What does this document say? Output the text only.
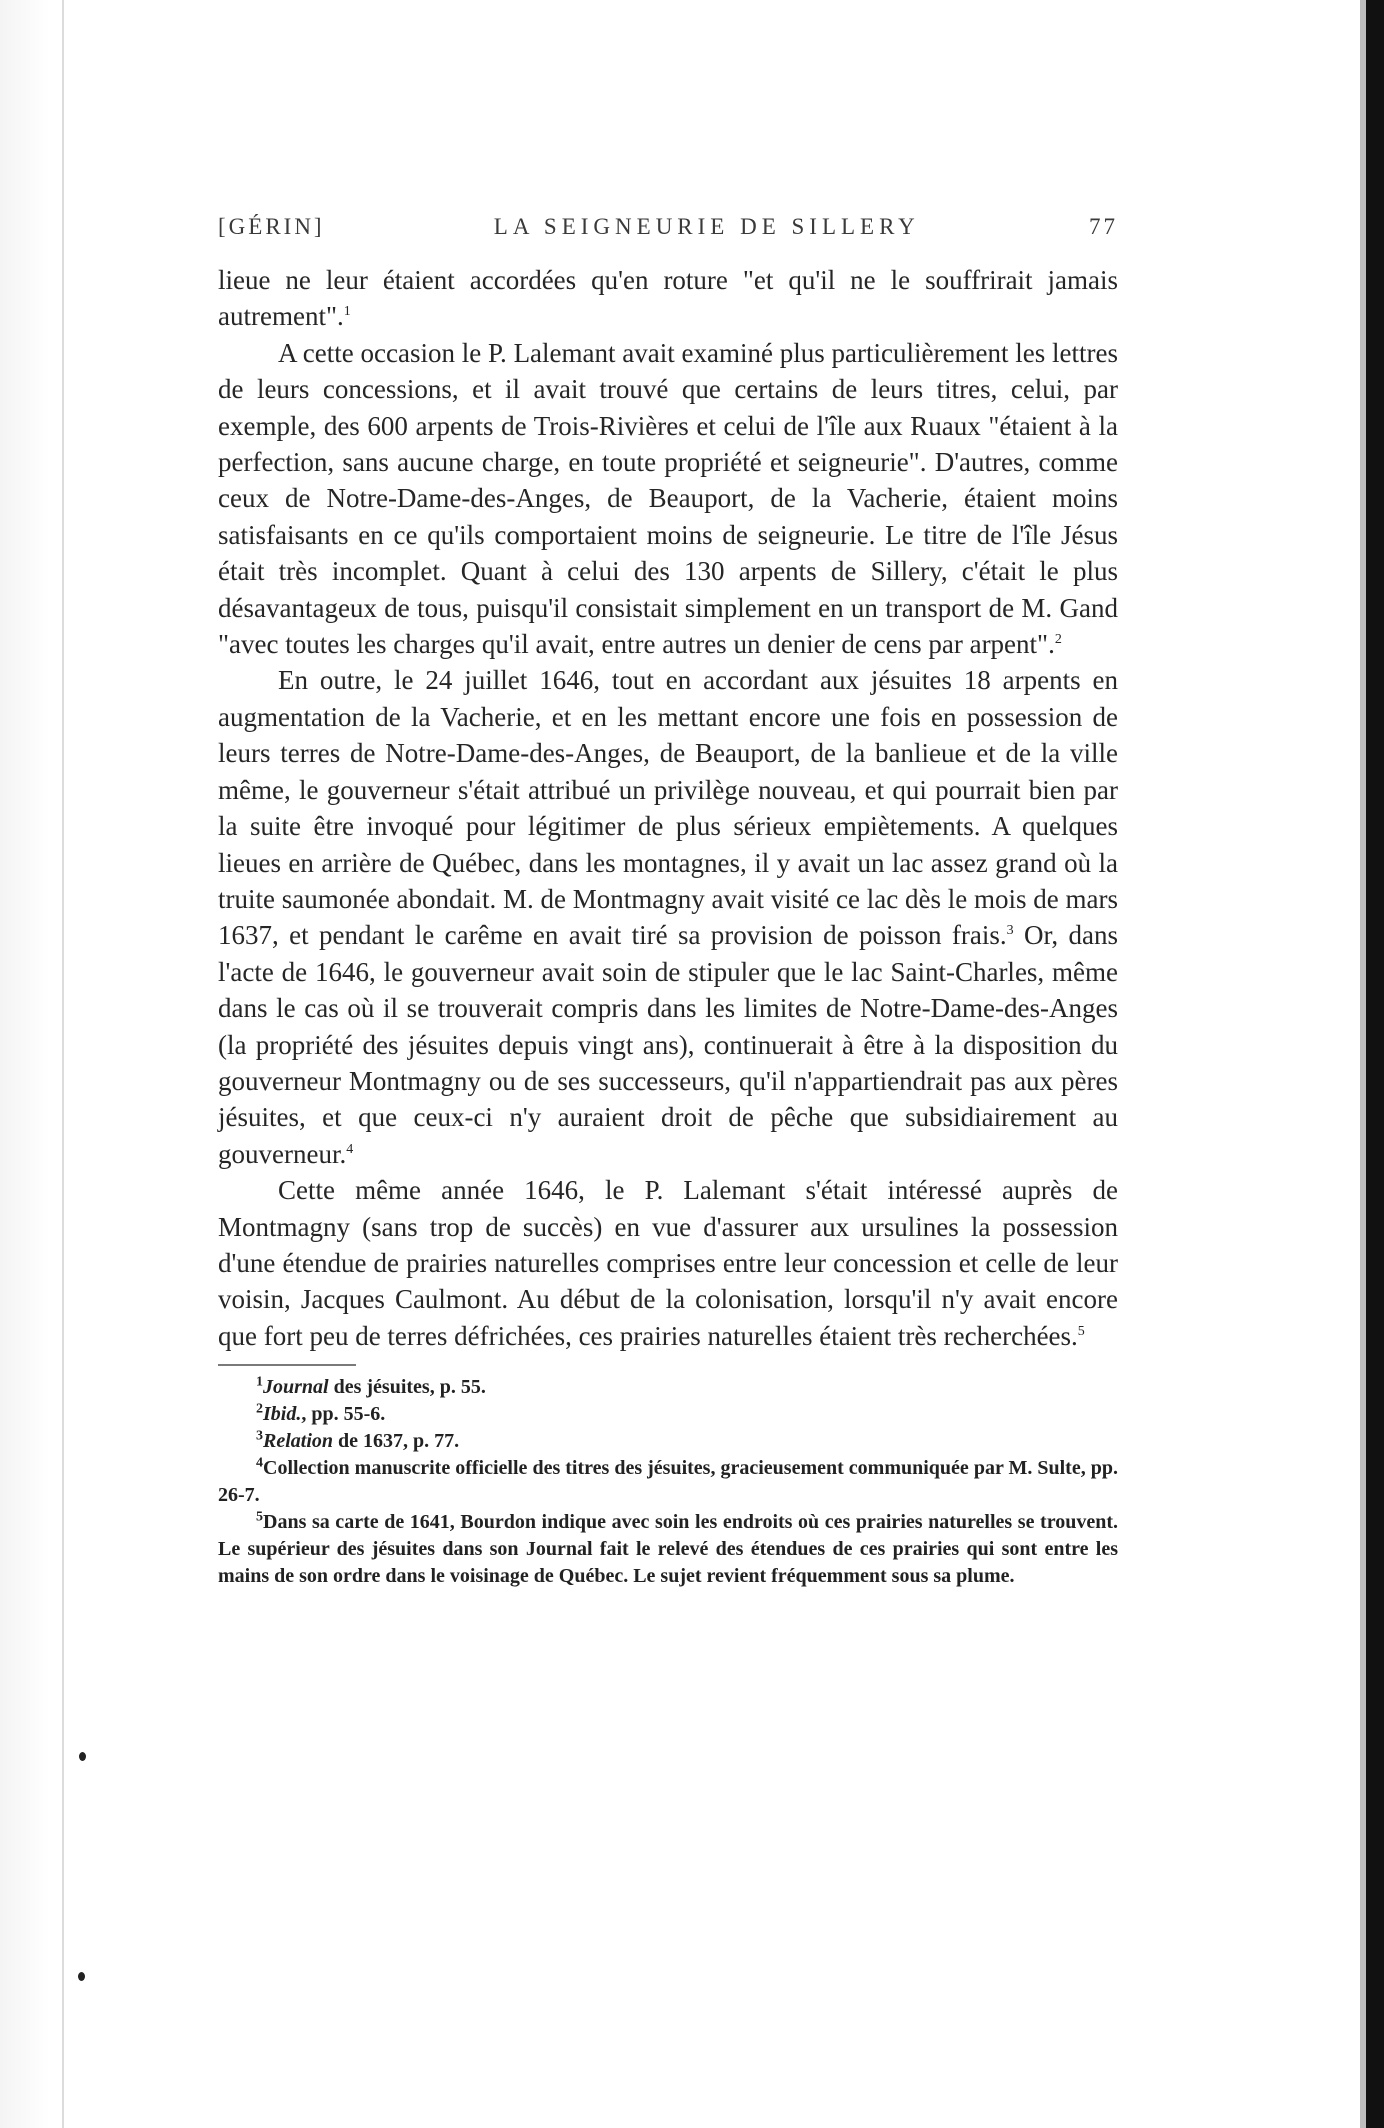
[GÉRIN]	LA SEIGNEURIE DE SILLERY	77

lieue ne leur étaient accordées qu'en roture "et qu'il ne le souffrirait jamais autrement".$^1$

A cette occasion le P. Lalemant avait examiné plus particulièrement les lettres de leurs concessions, et il avait trouvé que certains de leurs titres, celui, par exemple, des 600 arpents de Trois-Rivières et celui de l'île aux Ruaux "étaient à la perfection, sans aucune charge, en toute propriété et seigneurie". D'autres, comme ceux de Notre-Dame-des-Anges, de Beauport, de la Vacherie, étaient moins satisfaisants en ce qu'ils comportaient moins de seigneurie. Le titre de l'île Jésus était très incomplet. Quant à celui des 130 arpents de Sillery, c'était le plus désavantageux de tous, puisqu'il consistait simplement en un transport de M. Gand "avec toutes les charges qu'il avait, entre autres un denier de cens par arpent".$^2$

En outre, le 24 juillet 1646, tout en accordant aux jésuites 18 arpents en augmentation de la Vacherie, et en les mettant encore une fois en possession de leurs terres de Notre-Dame-des-Anges, de Beauport, de la banlieue et de la ville même, le gouverneur s'était attribué un privilège nouveau, et qui pourrait bien par la suite être invoqué pour légitimer de plus sérieux empiètements. A quelques lieues en arrière de Québec, dans les montagnes, il y avait un lac assez grand où la truite saumonée abondait. M. de Montmagny avait visité ce lac dès le mois de mars 1637, et pendant le carême en avait tiré sa provision de poisson frais.$^3$ Or, dans l'acte de 1646, le gouverneur avait soin de stipuler que le lac Saint-Charles, même dans le cas où il se trouverait compris dans les limites de Notre-Dame-des-Anges (la propriété des jésuites depuis vingt ans), continuerait à être à la disposition du gouverneur Montmagny ou de ses successeurs, qu'il n'appartiendrait pas aux pères jésuites, et que ceux-ci n'y auraient droit de pêche que subsidiairement au gouverneur.$^4$

Cette même année 1646, le P. Lalemant s'était intéressé auprès de Montmagny (sans trop de succès) en vue d'assurer aux ursulines la possession d'une étendue de prairies naturelles comprises entre leur concession et celle de leur voisin, Jacques Caulmont. Au début de la colonisation, lorsqu'il n'y avait encore que fort peu de terres défrichées, ces prairies naturelles étaient très recherchées.$^5$

$^1$Journal des jésuites, p. 55.

$^2$Ibid., pp. 55-6.

$^3$Relation de 1637, p. 77.

$^4$Collection manuscrite officielle des titres des jésuites, gracieusement communiquée par M. Sulte, pp. 26-7.

$^5$Dans sa carte de 1641, Bourdon indique avec soin les endroits où ces prairies naturelles se trouvent. Le supérieur des jésuites dans son Journal fait le relevé des étendues de ces prairies qui sont entre les mains de son ordre dans le voisinage de Québec. Le sujet revient fréquemment sous sa plume.
